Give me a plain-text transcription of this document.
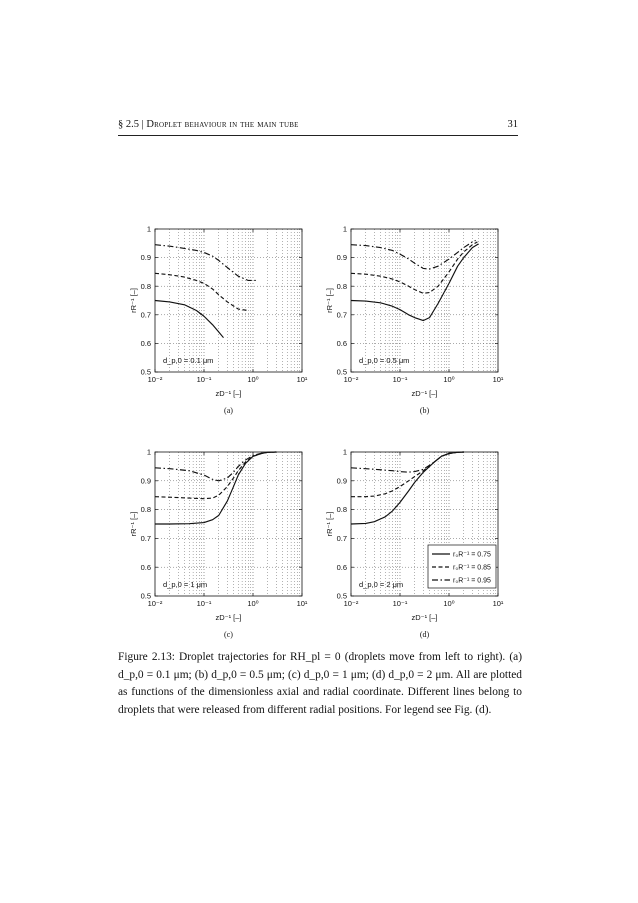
§ 2.5 | Droplet behaviour in the main tube	31
0.5
0.6
0.7
0.8
0.9
1
10⁻²	10⁻¹	10⁰	10¹
zD⁻¹ [–]
rR⁻¹ [–]
d_p,0 = 0.1 μm
(a)
0.5
0.6
0.7
0.8
0.9
1
10⁻²	10⁻¹	10⁰	10¹
zD⁻¹ [–]
rR⁻¹ [–]
d_p,0 = 0.5 μm
(b)
0.5
0.6
0.7
0.8
0.9
1
10⁻²	10⁻¹	10⁰	10¹
zD⁻¹ [–]
rR⁻¹ [–]
d_p,0 = 1 μm
(c)
0.5
0.6
0.7
0.8
0.9
1
10⁻²	10⁻¹	10⁰	10¹
zD⁻¹ [–]
rR⁻¹ [–]
d_p,0 = 2 μm
(d)
r₀R⁻¹ = 0.75
r₀R⁻¹ = 0.85
r₀R⁻¹ = 0.95
Figure 2.13: Droplet trajectories for RH_pl = 0 (droplets move from left to right). (a) d_p,0 = 0.1 μm; (b) d_p,0 = 0.5 μm; (c) d_p,0 = 1 μm; (d) d_p,0 = 2 μm. All are plotted as functions of the dimensionless axial and radial coordinate. Different lines belong to droplets that were released from different radial positions. For legend see Fig. (d).
